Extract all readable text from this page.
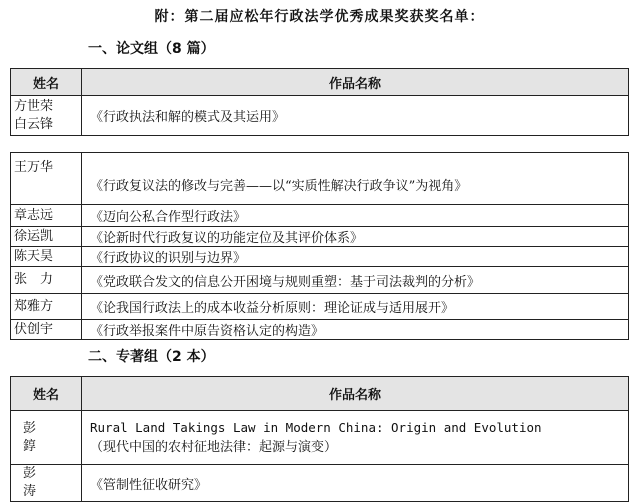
附：第二届应松年行政法学优秀成果奖获奖名单：
一、论文组（8 篇）
姓名	作品名称

方世荣
白云锋	《行政执法和解的模式及其运用》

王万华	《行政复议法的修改与完善——以“实质性解决行政争议”为视角》
章志远	《迈向公私合作型行政法》
徐运凯	《论新时代行政复议的功能定位及其评价体系》
陈天昊	《行政协议的识别与边界》
张　力	《党政联合发文的信息公开困境与规则重塑：基于司法裁判的分析》
郑雅方	《论我国行政法上的成本收益分析原则：理论证成与适用展开》
伏创宇	《行政举报案件中原告资格认定的构造》
二、专著组（2 本）
姓名	作品名称
彭　錞	Rural Land Takings Law in Modern China: Origin and Evolution
（现代中国的农村征地法律：起源与演变）

彭　涛	《管制性征收研究》
